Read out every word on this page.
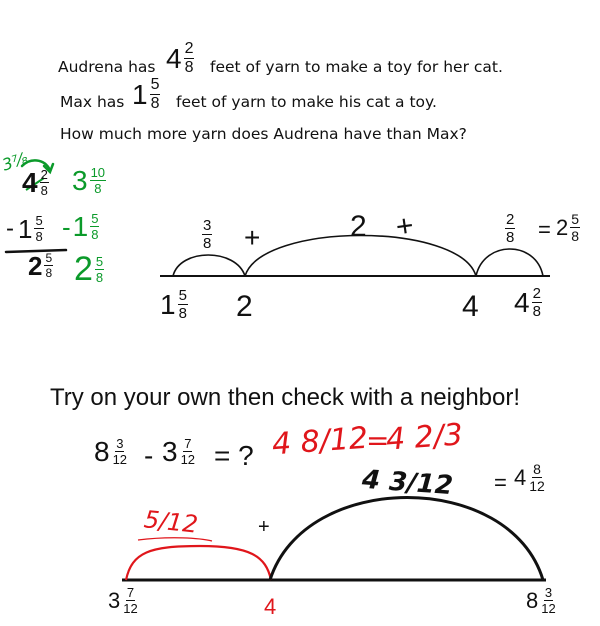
Audrena has $4 \frac{2}{8}$ feet of yarn to make a toy for her cat.
Max has $1 \frac{5}{8}$ feet of yarn to make his cat a toy.
How much more yarn does Audrena have than Max?
3⅞
4 2
8 3 10
8
- 1 5
8 - 1 5
8
2 5
8 2 5
8
3
8 +	2 +	2
8 = 2 5
8
1 5
8 2	4 4 2
8
Try on your own then check with a neighbor!
8 3
12 - 3 7
12 = ? 4 8/12
=
4 2/3
4 3/12 = 4 8
12
5/12	+
3 7
12	4	8 3
12
